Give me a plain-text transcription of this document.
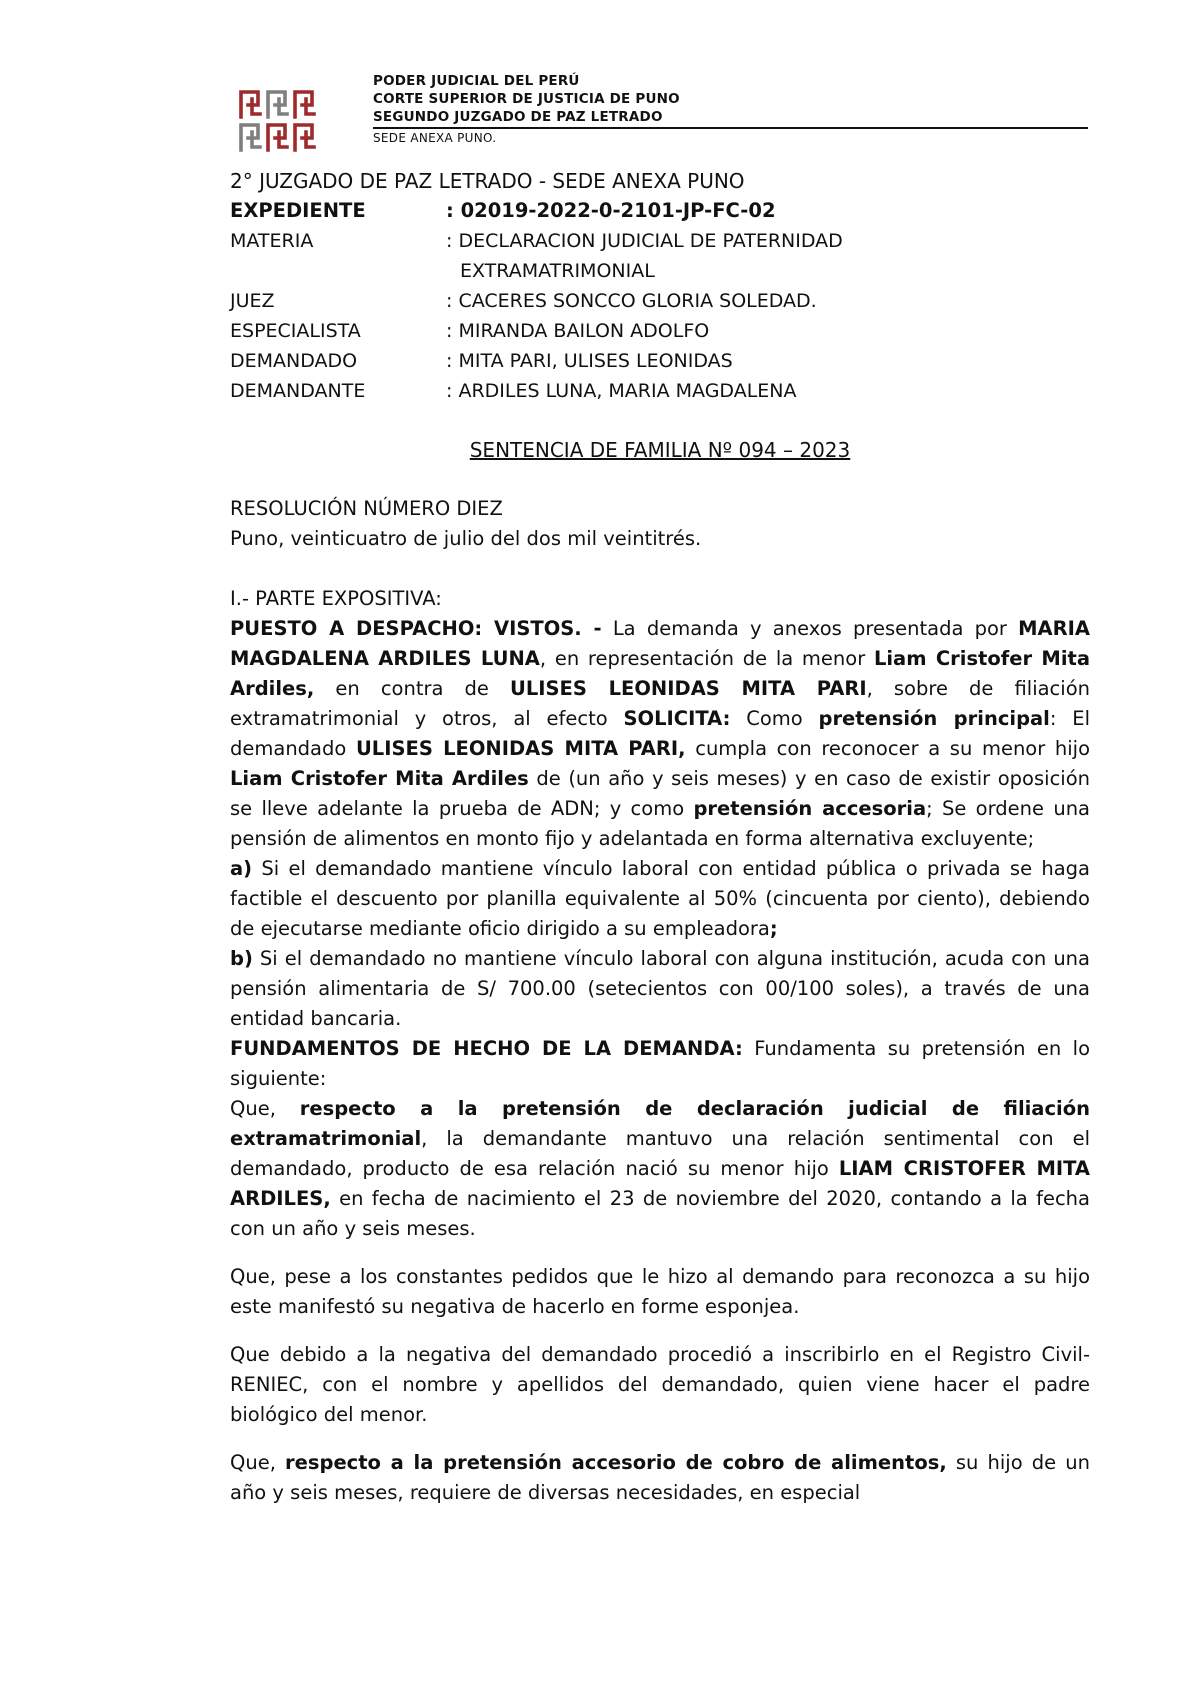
PODER JUDICIAL DEL PERÚ
CORTE SUPERIOR DE JUSTICIA DE PUNO
SEGUNDO JUZGADO DE PAZ LETRADO
SEDE ANEXA PUNO.
2° JUZGADO DE PAZ LETRADO - SEDE ANEXA PUNO
EXPEDIENTE	: 02019-2022-0-2101-JP-FC-02
MATERIA	: DECLARACION JUDICIAL DE PATERNIDAD
EXTRAMATRIMONIAL
JUEZ	: CACERES SONCCO GLORIA SOLEDAD.
ESPECIALISTA	: MIRANDA BAILON ADOLFO
DEMANDADO	: MITA PARI, ULISES LEONIDAS
DEMANDANTE	: ARDILES LUNA, MARIA MAGDALENA
SENTENCIA DE FAMILIA Nº 094 – 2023
RESOLUCIÓN NÚMERO DIEZ
Puno, veinticuatro de julio del dos mil veintitrés.
I.- PARTE EXPOSITIVA:

PUESTO A DESPACHO: VISTOS. - La demanda y anexos presentada por MARIA MAGDALENA ARDILES LUNA, en representación de la menor Liam Cristofer Mita Ardiles, en contra de ULISES LEONIDAS MITA PARI, sobre de filiación extramatrimonial y otros, al efecto SOLICITA: Como pretensión principal: El demandado ULISES LEONIDAS MITA PARI, cumpla con reconocer a su menor hijo Liam Cristofer Mita Ardiles de (un año y seis meses) y en caso de existir oposición se lleve adelante la prueba de ADN; y como pretensión accesoria; Se ordene una pensión de alimentos en monto fijo y adelantada en forma alternativa excluyente;

a) Si el demandado mantiene vínculo laboral con entidad pública o privada se haga factible el descuento por planilla equivalente al 50% (cincuenta por ciento), debiendo de ejecutarse mediante oficio dirigido a su empleadora;

b) Si el demandado no mantiene vínculo laboral con alguna institución, acuda con una pensión alimentaria de S/ 700.00 (setecientos con 00/100 soles), a través de una entidad bancaria.

FUNDAMENTOS DE HECHO DE LA DEMANDA: Fundamenta su pretensión en lo siguiente:

Que, respecto a la pretensión de declaración judicial de filiación extramatrimonial, la demandante mantuvo una relación sentimental con el demandado, producto de esa relación nació su menor hijo LIAM CRISTOFER MITA ARDILES, en fecha de nacimiento el 23 de noviembre del 2020, contando a la fecha con un año y seis meses.

Que, pese a los constantes pedidos que le hizo al demando para reconozca a su hijo este manifestó su negativa de hacerlo en forme esponjea.

Que debido a la negativa del demandado procedió a inscribirlo en el Registro Civil-RENIEC, con el nombre y apellidos del demandado, quien viene hacer el padre biológico del menor.

Que, respecto a la pretensión accesorio de cobro de alimentos, su hijo de un año y seis meses, requiere de diversas necesidades, en especial
